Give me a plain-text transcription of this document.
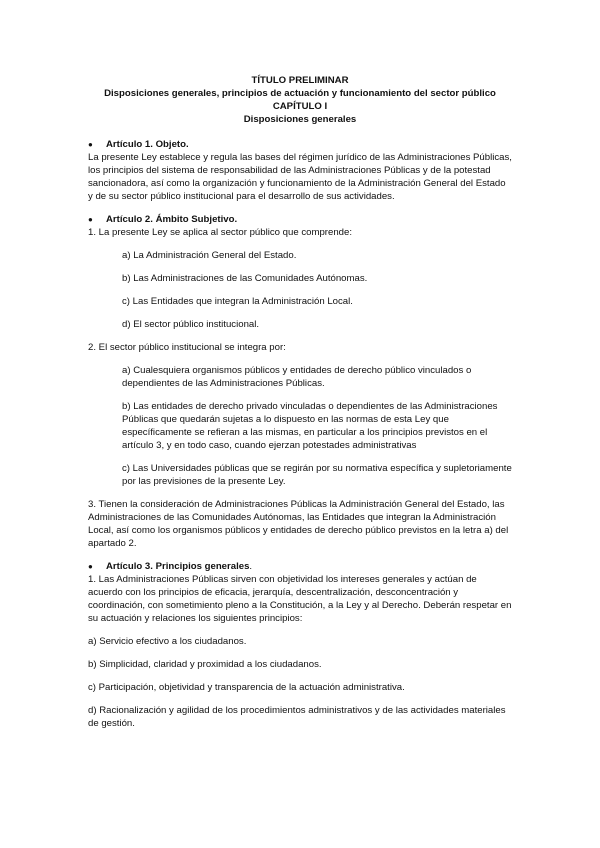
TÍTULO PRELIMINAR

Disposiciones generales, principios de actuación y funcionamiento del sector público

CAPÍTULO I

Disposiciones generales

●	Artículo 1. Objeto.

La presente Ley establece y regula las bases del régimen jurídico de las Administraciones Públicas, los principios del sistema de responsabilidad de las Administraciones Públicas y de la potestad sancionadora, así como la organización y funcionamiento de la Administración General del Estado y de su sector público institucional para el desarrollo de sus actividades.

●	Artículo 2. Ámbito Subjetivo.

1. La presente Ley se aplica al sector público que comprende:

a) La Administración General del Estado.

b) Las Administraciones de las Comunidades Autónomas.

c) Las Entidades que integran la Administración Local.

d) El sector público institucional.

2. El sector público institucional se integra por:

a) Cualesquiera organismos públicos y entidades de derecho público vinculados o dependientes de las Administraciones Públicas.

b) Las entidades de derecho privado vinculadas o dependientes de las Administraciones Públicas que quedarán sujetas a lo dispuesto en las normas de esta Ley que específicamente se refieran a las mismas, en particular a los principios previstos en el artículo 3, y en todo caso, cuando ejerzan potestades administrativas

c) Las Universidades públicas que se regirán por su normativa específica y supletoriamente por las previsiones de la presente Ley.

3. Tienen la consideración de Administraciones Públicas la Administración General del Estado, las Administraciones de las Comunidades Autónomas, las Entidades que integran la Administración Local, así como los organismos públicos y entidades de derecho público previstos en la letra a) del apartado 2.

●	Artículo 3. Principios generales .

1. Las Administraciones Públicas sirven con objetividad los intereses generales y actúan de acuerdo con los principios de eficacia, jerarquía, descentralización, desconcentración y coordinación, con sometimiento pleno a la Constitución, a la Ley y al Derecho. Deberán respetar en su actuación y relaciones los siguientes principios:

a) Servicio efectivo a los ciudadanos.

b) Simplicidad, claridad y proximidad a los ciudadanos.

c) Participación, objetividad y transparencia de la actuación administrativa.

d) Racionalización y agilidad de los procedimientos administrativos y de las actividades materiales de gestión.
